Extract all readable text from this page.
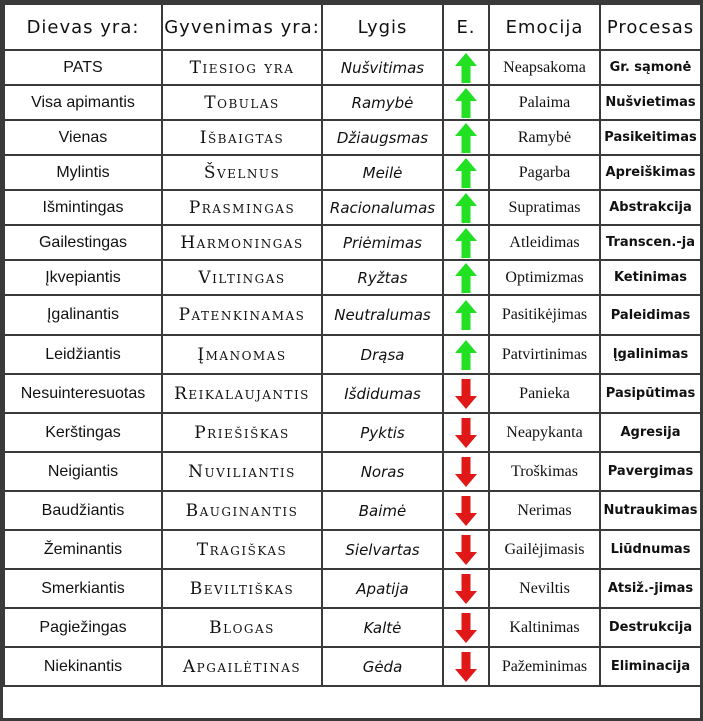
Dievas yra:	Gyvenimas yra:	Lygis	E.	Emocija	Procesas
PATS	Tiesiog yra	Nušvitimas		Neapsakoma	Gr. sąmonė
Visa apimantis	Tobulas	Ramybė		Palaima	Nušvietimas
Vienas	Išbaigtas	Džiaugsmas		Ramybė	Pasikeitimas
Mylintis	Švelnus	Meilė		Pagarba	Apreiškimas
Išmintingas	Prasmingas	Racionalumas		Supratimas	Abstrakcija
Gailestingas	Harmoningas	Priėmimas		Atleidimas	Transcen.-ja
Įkvepiantis	Viltingas	Ryžtas		Optimizmas	Ketinimas
Įgalinantis	Patenkinamas	Neutralumas		Pasitikėjimas	Paleidimas
Leidžiantis	Įmanomas	Drąsa		Patvirtinimas	Įgalinimas
Nesuinteresuotas	Reikalaujantis	Išdidumas		Panieka	Pasipūtimas
Kerštingas	Priešiškas	Pyktis		Neapykanta	Agresija
Neigiantis	Nuviliantis	Noras		Troškimas	Pavergimas
Baudžiantis	Bauginantis	Baimė		Nerimas	Nutraukimas
Žeminantis	Tragiškas	Sielvartas		Gailėjimasis	Liūdnumas
Smerkiantis	Beviltiškas	Apatija		Neviltis	Atsiž.-jimas
Pagiežingas	Blogas	Kaltė		Kaltinimas	Destrukcija
Niekinantis	Apgailėtinas	Gėda		Pažeminimas	Eliminacija
